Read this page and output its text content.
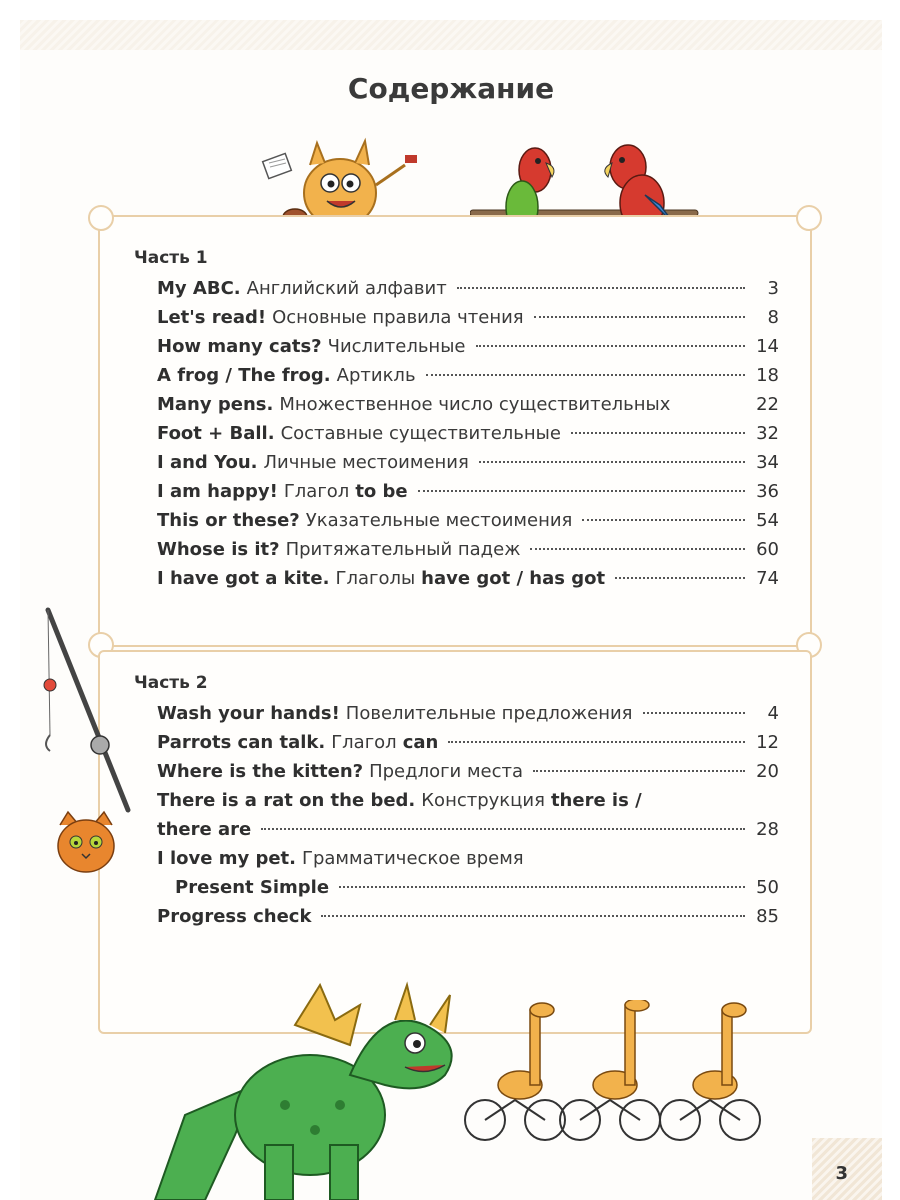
Содержание
Часть 1
My ABC. Английский алфавит	3
Let's read! Основные правила чтения	8
How many cats? Числительные	14
A frog / The frog. Артикль	18
Many pens. Множественное число существительных	22
Foot + Ball. Составные существительные	32
I and You. Личные местоимения	34
I am happy! Глагол to be	36
This or these? Указательные местоимения	54
Whose is it? Притяжательный падеж	60
I have got a kite. Глаголы have got / has got	74
Часть 2
Wash your hands! Повелительные предложения	4
Parrots can talk. Глагол can	12
Where is the kitten? Предлоги места	20
There is a rat on the bed. Конструкция there is /
there are	28
I love my pet. Грамматическое время
Present Simple	50
Progress check	85
3
